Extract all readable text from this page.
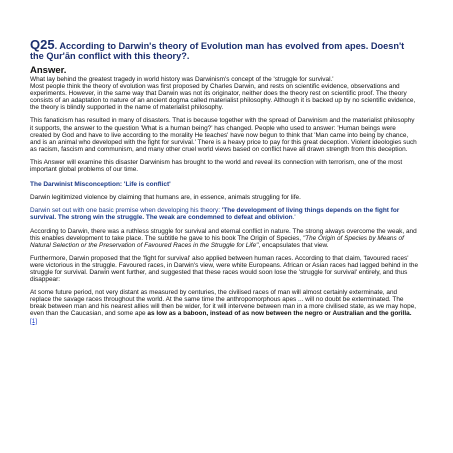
Q25. According to Darwin's theory of Evolution man has evolved from apes. Doesn't the Qur'ān conflict with this theory?.
Answer.

What lay behind the greatest tragedy in world history was Darwinism's concept of the 'struggle for survival.'

Most people think the theory of evolution was first proposed by Charles Darwin, and rests on scientific evidence, observations and experiments. However, in the same way that Darwin was not its originator, neither does the theory rest on scientific proof. The theory consists of an adaptation to nature of an ancient dogma called materialist philosophy. Although it is backed up by no scientific evidence, the theory is blindly supported in the name of materialist philosophy.

This fanaticism has resulted in many of disasters. That is because together with the spread of Darwinism and the materialist philosophy it supports, the answer to the question 'What is a human being?' has changed. People who used to answer: 'Human beings were created by God and have to live according to the morality He teaches' have now begun to think that 'Man came into being by chance, and is an animal who developed with the fight for survival.' There is a heavy price to pay for this great deception. Violent ideologies such as racism, fascism and communism, and many other cruel world views based on conflict have all drawn strength from this deception.

This Answer will examine this disaster Darwinism has brought to the world and reveal its connection with terrorism, one of the most important global problems of our time.

The Darwinist Misconception: 'Life is conflict'

Darwin legitimized violence by claiming that humans are, in essence, animals struggling for life.

Darwin set out with one basic premise when developing his theory: 'The development of living things depends on the fight for survival. The strong win the struggle. The weak are condemned to defeat and oblivion.'

According to Darwin, there was a ruthless struggle for survival and eternal conflict in nature. The strong always overcome the weak, and this enables development to take place. The subtitle he gave to his book The Origin of Species, "The Origin of Species by Means of Natural Selection or the Preservation of Favoured Races in the Struggle for Life", encapsulates that view.

Furthermore, Darwin proposed that the 'fight for survival' also applied between human races. According to that claim, 'favoured races' were victorious in the struggle. Favoured races, in Darwin's view, were white Europeans. African or Asian races had lagged behind in the struggle for survival. Darwin went further, and suggested that these races would soon lose the 'struggle for survival' entirely, and thus disappear:

At some future period, not very distant as measured by centuries, the civilised races of man will almost certainly exterminate, and replace the savage races throughout the world. At the same time the anthropomorphous apes ... will no doubt be exterminated. The break between man and his nearest allies will then be wider, for it will intervene between man in a more civilised state, as we may hope, even than the Caucasian, and some ape as low as a baboon, instead of as now between the negro or Australian and the gorilla. [1]
